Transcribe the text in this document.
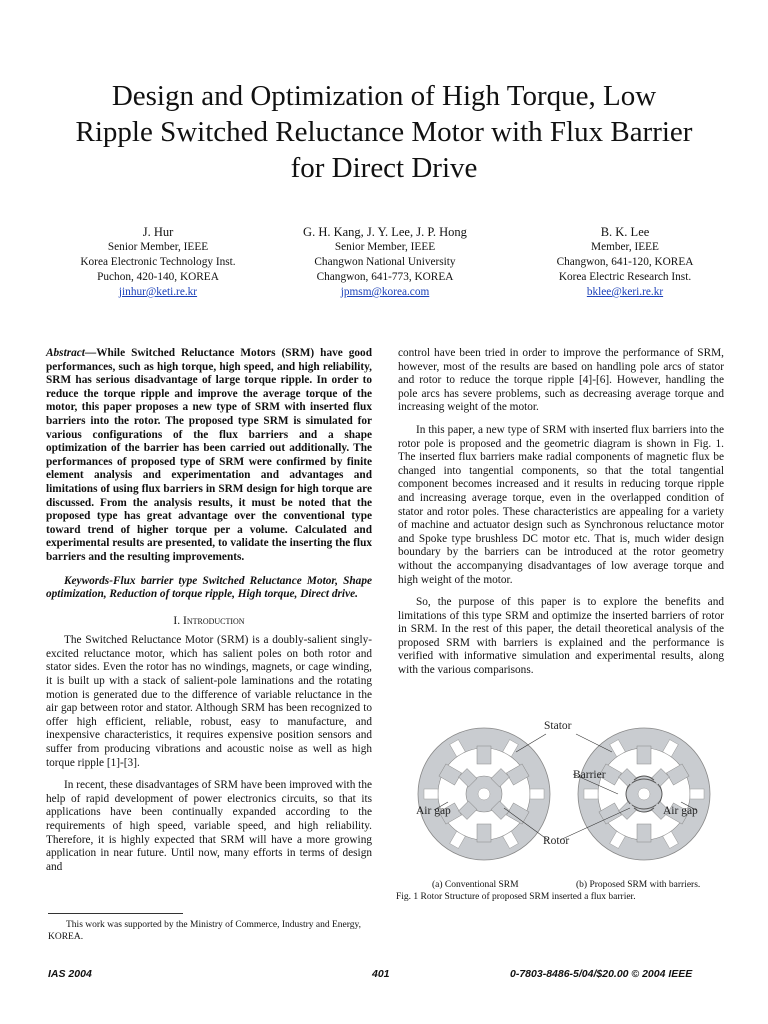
Design and Optimization of High Torque, Low
Ripple Switched Reluctance Motor with Flux Barrier
for Direct Drive
J. Hur
Senior Member, IEEE
Korea Electronic Technology Inst.
Puchon, 420-140, KOREA
jinhur@keti.re.kr
G. H. Kang, J. Y. Lee, J. P. Hong
Senior Member, IEEE
Changwon National University
Changwon, 641-773, KOREA
jpmsm@korea.com
B. K. Lee
Member, IEEE
Changwon, 641-120, KOREA
Korea Electric Research Inst.
bklee@keri.re.kr

Abstract—While Switched Reluctance Motors (SRM) have good performances, such as high torque, high speed, and high reliability, SRM has serious disadvantage of large torque ripple. In order to reduce the torque ripple and improve the average torque of the motor, this paper proposes a new type of SRM with inserted flux barriers into the rotor. The proposed type SRM is simulated for various configurations of the flux barriers and a shape optimization of the barrier has been carried out additionally. The performances of proposed type of SRM were confirmed by finite element analysis and experimentation and advantages and limitations of using flux barriers in SRM design for high torque are discussed. From the analysis results, it must be noted that the proposed type has great advantage over the conventional type toward trend of higher torque per a volume. Calculated and experimental results are presented, to validate the inserting the flux barriers and the resulting improvements.

Keywords-Flux barrier type Switched Reluctance Motor, Shape optimization, Reduction of torque ripple, High torque, Direct drive.

I. Introduction

The Switched Reluctance Motor (SRM) is a doubly-salient singly-excited reluctance motor, which has salient poles on both rotor and stator sides. Even the rotor has no windings, magnets, or cage winding, it is built up with a stack of salient-pole laminations and the rotating motion is generated due to the difference of variable reluctance in the air gap between rotor and stator. Although SRM has been recognized to offer high efficient, reliable, robust, easy to manufacture, and inexpensive characteristics, it requires expensive position sensors and suffer from producing vibrations and acoustic noise as well as high torque ripple [1]-[3].

In recent, these disadvantages of SRM have been improved with the help of rapid development of power electronics circuits, so that its applications have been continually expanded according to the requirements of high speed, variable speed, and high reliability. Therefore, it is highly expected that SRM will have a more growing application in near future. Until now, many efforts in terms of design and

control have been tried in order to improve the performance of SRM, however, most of the results are based on handling pole arcs of stator and rotor to reduce the torque ripple [4]-[6]. However, handling the pole arcs has severe problems, such as decreasing average torque and increasing weight of the motor.

In this paper, a new type of SRM with inserted flux barriers into the rotor pole is proposed and the geometric diagram is shown in Fig. 1. The inserted flux barriers make radial components of magnetic flux be changed into tangential components, so that the total tangential component becomes increased and it results in reducing torque ripple and increasing average torque, even in the overlapped condition of stator and rotor poles. These characteristics are appealing for a variety of machine and actuator design such as Synchronous reluctance motor and Spoke type brushless DC motor etc. That is, much wider design boundary by the barriers can be introduced at the rotor geometry without the accompanying disadvantages of low average torque and high weight of the motor.

So, the purpose of this paper is to explore the benefits and limitations of this type SRM and optimize the inserted barriers of rotor in SRM. In the rest of this paper, the detail theoretical analysis of the proposed SRM with barriers is explained and the performance is verified with informative simulation and experimental results, along with the various comparisons.

Stator
Barrier
Air gap	Air gap
Rotor
(a) Conventional SRM	(b) Proposed SRM with barriers.
Fig. 1 Rotor Structure of proposed SRM inserted a flux barrier.

This work was supported by the Ministry of Commerce, Industry and Energy, KOREA.

IAS 2004	401	0-7803-8486-5/04/$20.00 © 2004 IEEE
